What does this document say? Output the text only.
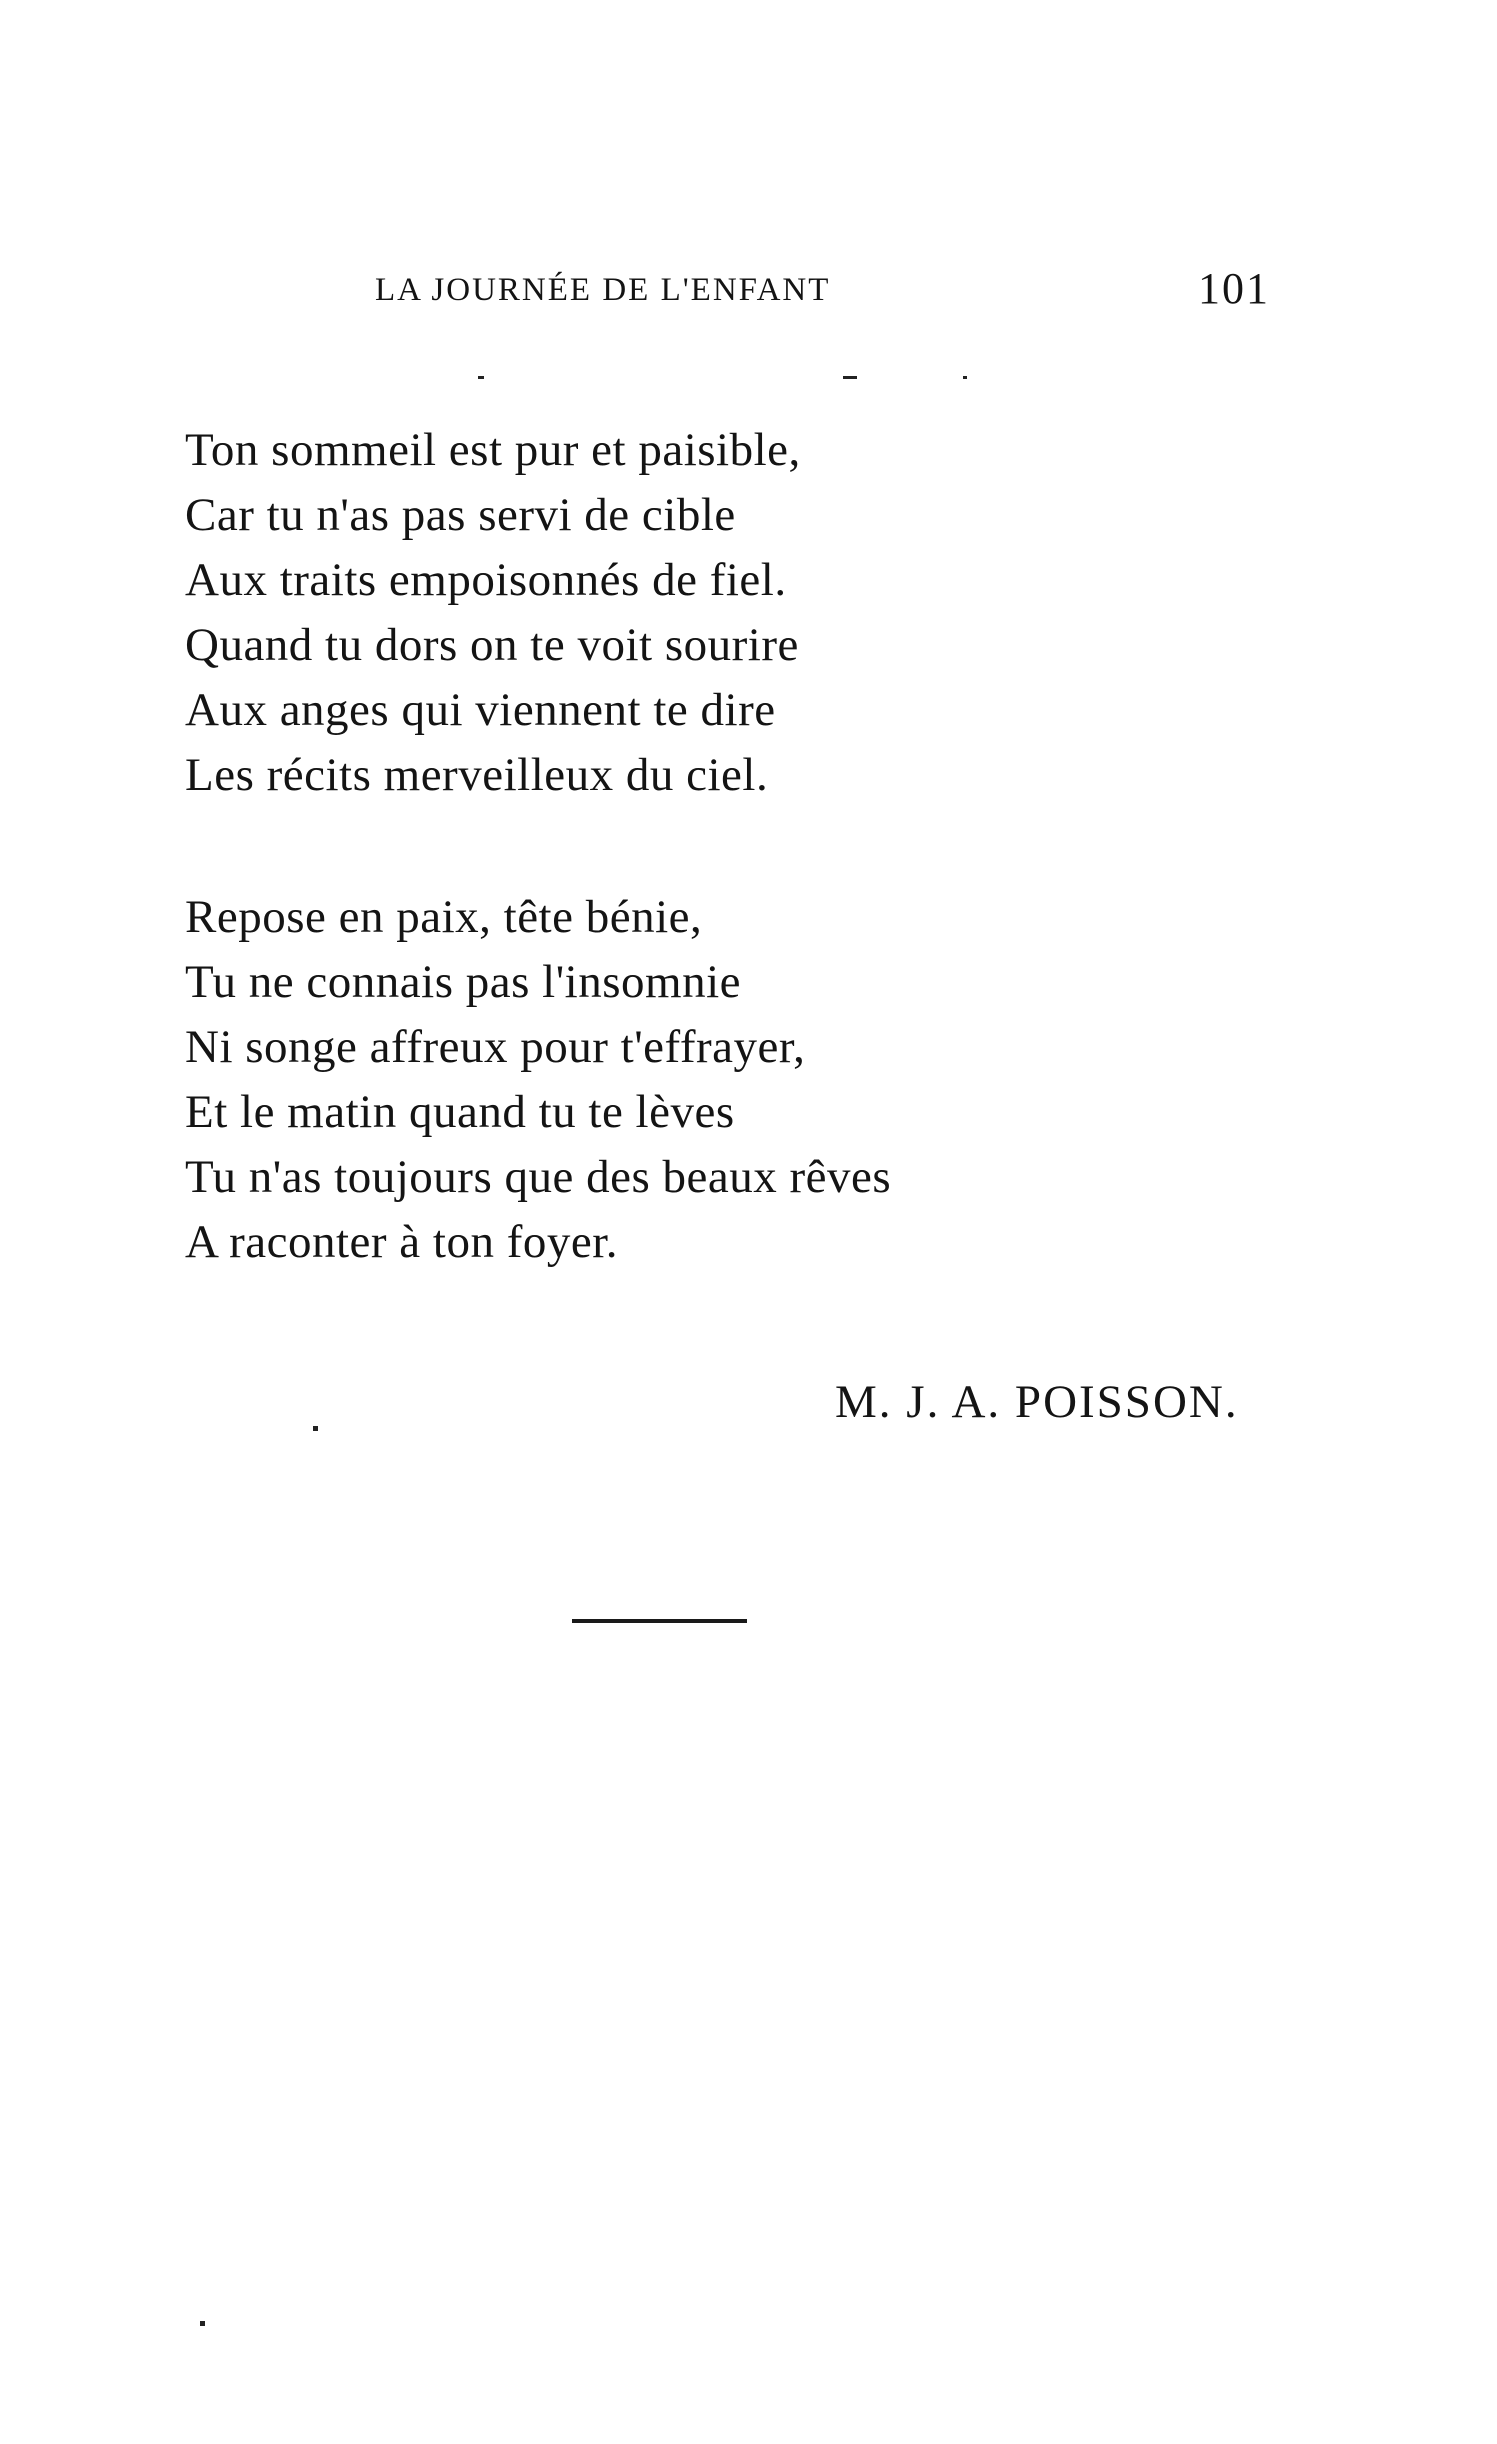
LA JOURNÉE DE L'ENFANT	101
Ton sommeil est pur et paisible,
Car tu n'as pas servi de cible
Aux traits empoisonnés de fiel.
Quand tu dors on te voit sourire
Aux anges qui viennent te dire
Les récits merveilleux du ciel.
Repose en paix, tête bénie,
Tu ne connais pas l'insomnie
Ni songe affreux pour t'effrayer,
Et le matin quand tu te lèves
Tu n'as toujours que des beaux rêves
A raconter à ton foyer.
M. J. A. POISSON.
